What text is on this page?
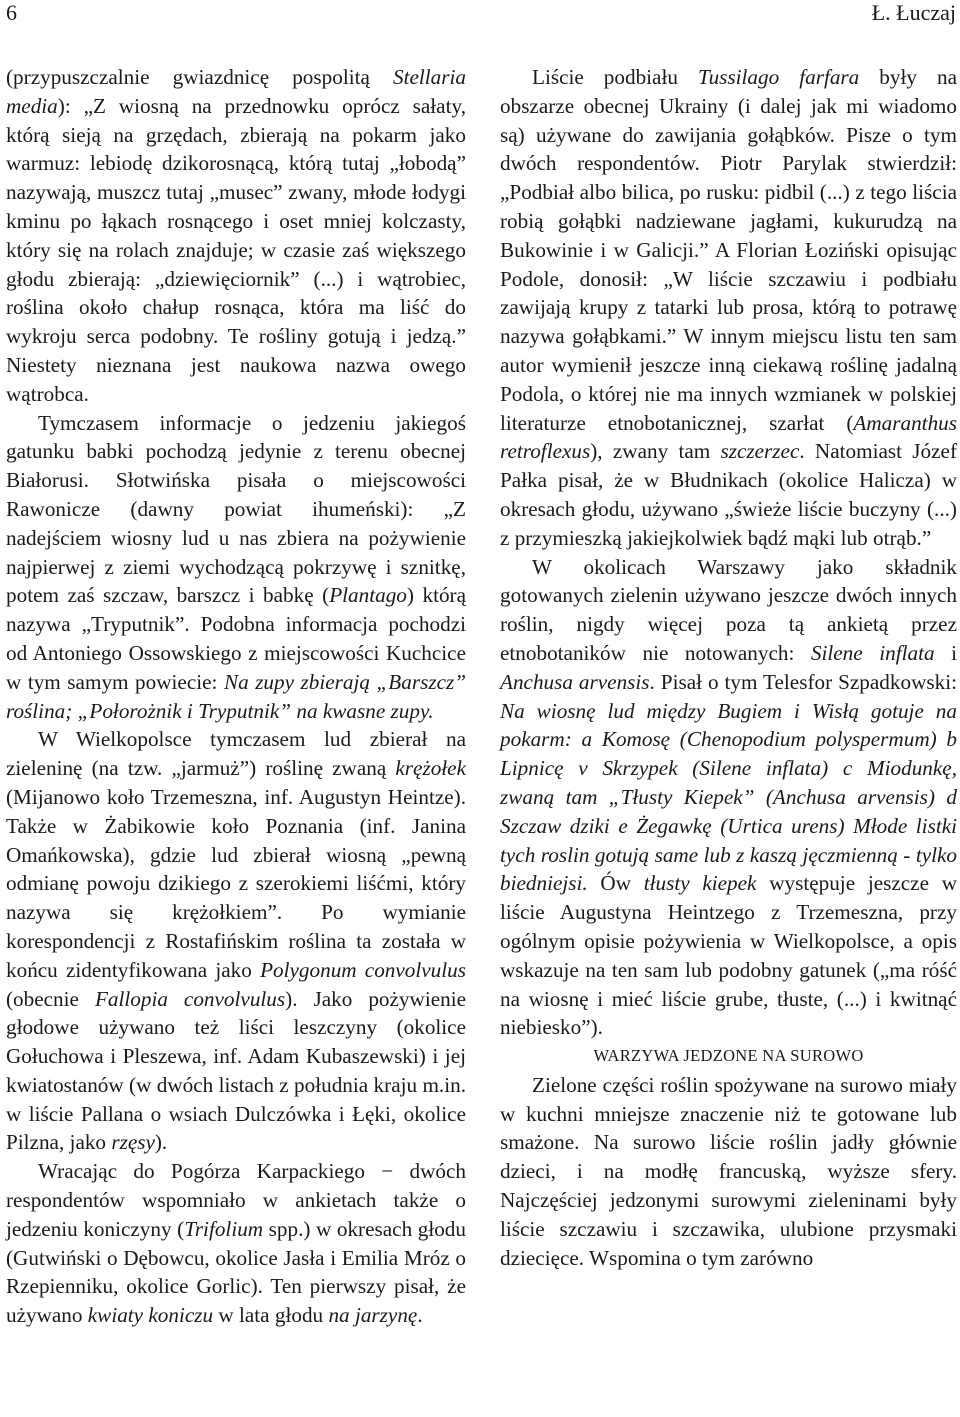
6	Ł. Łuczaj

(przypuszczalnie gwiazdnicę pospolitą Stellaria media): „Z wiosną na przednowku oprócz sałaty, którą sieją na grzędach, zbierają na pokarm jako warmuz: lebiodę dzikorosnącą, którą tutaj „łobodą” nazywają, muszcz tutaj „musec” zwany, młode łodygi kminu po łąkach rosnącego i oset mniej kolczasty, który się na rolach znajduje; w czasie zaś większego głodu zbierają: „dziewięciornik” (...) i wątrobiec, roślina około chałup rosnąca, która ma liść do wykroju serca podobny. Te rośliny gotują i jedzą.” Niestety nieznana jest naukowa nazwa owego wątrobca.

Tymczasem informacje o jedzeniu jakiegoś gatunku babki pochodzą jedynie z terenu obecnej Białorusi. Słotwińska pisała o miejscowości Rawonicze (dawny powiat ihumeński): „Z nadejściem wiosny lud u nas zbiera na pożywienie najpierwej z ziemi wychodzącą pokrzywę i sznitkę, potem zaś szczaw, barszcz i babkę (Plantago) którą nazywa „Tryputnik”. Podobna informacja pochodzi od Antoniego Ossowskiego z miejscowości Kuchcice w tym samym powiecie: Na zupy zbierają „Barszcz” roślina; „Połorożnik i Tryputnik” na kwasne zupy.

W Wielkopolsce tymczasem lud zbierał na zieleninę (na tzw. „jarmuż”) roślinę zwaną krężołek (Mijanowo koło Trzemeszna, inf. Augustyn Heintze). Także w Żabikowie koło Poznania (inf. Janina Omańkowska), gdzie lud zbierał wiosną „pewną odmianę powoju dzikiego z szerokiemi liśćmi, który nazywa się krężołkiem”. Po wymianie korespondencji z Rostafińskim roślina ta została w końcu zidentyfikowana jako Polygonum convolvulus (obecnie Fallopia convolvulus). Jako pożywienie głodowe używano też liści leszczyny (okolice Gołuchowa i Pleszewa, inf. Adam Kubaszewski) i jej kwiatostanów (w dwóch listach z południa kraju m.in. w liście Pallana o wsiach Dulczówka i Łęki, okolice Pilzna, jako rzęsy).

Wracając do Pogórza Karpackiego − dwóch respondentów wspomniało w ankietach także o jedzeniu koniczyny (Trifolium spp.) w okresach głodu (Gutwiński o Dębowcu, okolice Jasła i Emilia Mróz o Rzepienniku, okolice Gorlic). Ten pierwszy pisał, że używano kwiaty koniczu w lata głodu na jarzynę.

Liście podbiału Tussilago farfara były na obszarze obecnej Ukrainy (i dalej jak mi wiadomo są) używane do zawijania gołąbków. Pisze o tym dwóch respondentów. Piotr Parylak stwierdził: „Podbiał albo bilica, po rusku: pidbil (...) z tego liścia robią gołąbki nadziewane jagłami, kukurudzą na Bukowinie i w Galicji.” A Florian Łoziński opisując Podole, donosił: „W liście szczawiu i podbiału zawijają krupy z tatarki lub prosa, którą to potrawę nazywa gołąbkami.” W innym miejscu listu ten sam autor wymienił jeszcze inną ciekawą roślinę jadalną Podola, o której nie ma innych wzmianek w polskiej literaturze etnobotanicznej, szarłat (Amaranthus retroflexus), zwany tam szczerzec. Natomiast Józef Pałka pisał, że w Błudnikach (okolice Halicza) w okresach głodu, używano „świeże liście buczyny (...) z przymieszką jakiejkolwiek bądź mąki lub otrąb.”

W okolicach Warszawy jako składnik gotowanych zielenin używano jeszcze dwóch innych roślin, nigdy więcej poza tą ankietą przez etnobotaników nie notowanych: Silene inflata i Anchusa arvensis. Pisał o tym Telesfor Szpadkowski: Na wiosnę lud między Bugiem i Wisłą gotuje na pokarm: a Komosę (Chenopodium polyspermum) b Lipnicę v Skrzypek (Silene inflata) c Miodunkę, zwaną tam „Tłusty Kiepek” (Anchusa arvensis) d Szczaw dziki e Żegawkę (Urtica urens) Młode listki tych roslin gotują same lub z kaszą jęczmienną - tylko biedniejsi. Ów tłusty kiepek występuje jeszcze w liście Augustyna Heintzego z Trzemeszna, przy ogólnym opisie pożywienia w Wielkopolsce, a opis wskazuje na ten sam lub podobny gatunek („ma róść na wiosnę i mieć liście grube, tłuste, (...) i kwitnąć niebieskο”).

WARZYWA JEDZONE NA SUROWO

Zielone części roślin spożywane na surowo miały w kuchni mniejsze znaczenie niż te gotowane lub smażone. Na surowo liście roślin jadły głównie dzieci, i na modłę francuską, wyższe sfery. Najczęściej jedzonymi surowymi zieleninami były liście szczawiu i szczawika, ulubione przysmaki dziecięce. Wspomina o tym zarówno
